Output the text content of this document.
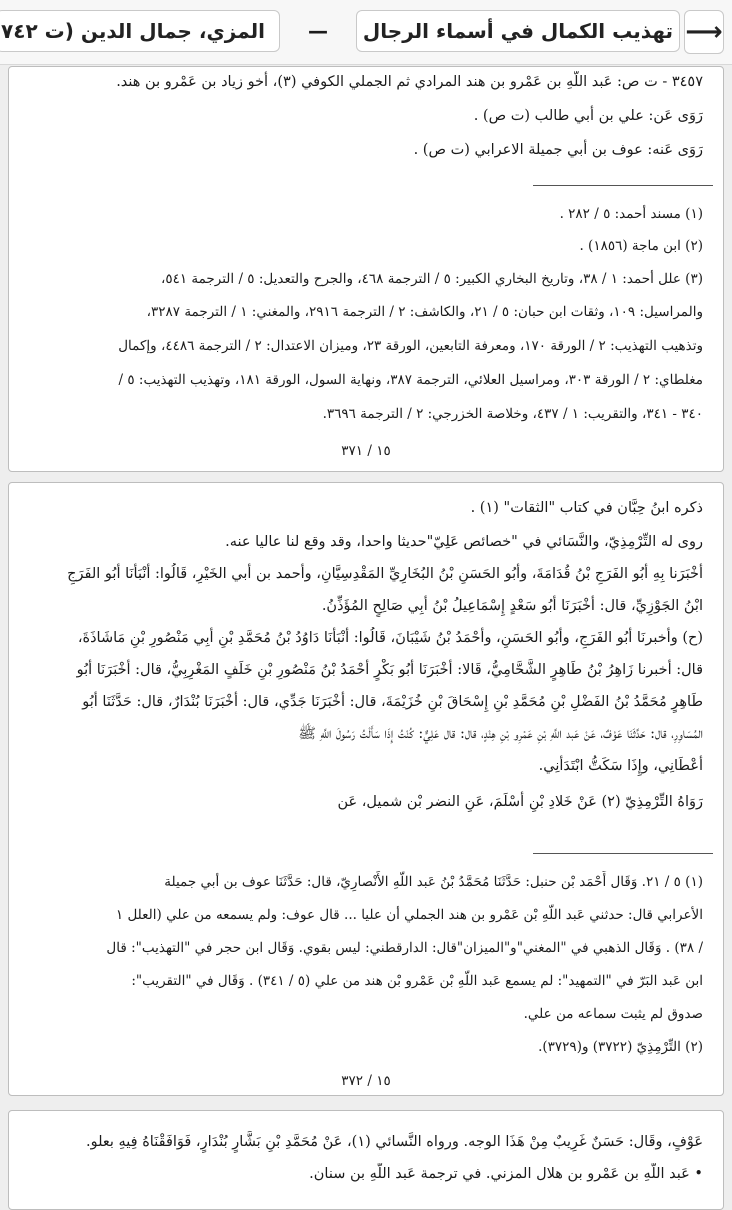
⟶
تهذيب الكمال في أسماء الرجال
—
المزي، جمال الدين (ت ٧٤٢
٣٤٥٧ - ت ص: عَبد اللَّهِ بن عَمْرو بن هند المرادي ثم الجملي الكوفي (٣)، أخو زياد بن عَمْرو بن هند.
رَوَى عَن: علي بن أَبي طالب (ت ص) .
رَوَى عَنه: عوف بن أَبي جميلة الاعرابي (ت ص) .
(١) مسند أحمد: ٥ / ٢٨٢ .
(٢) ابن ماجة (١٨٥٦) .
(٣) علل أحمد: ١ / ٣٨، وتاريخ البخاري الكبير: ٥ / الترجمة ٤٦٨، والجرح والتعديل: ٥ / الترجمة ٥٤١،
والمراسيل: ١٠٩، وثقات ابن حبان: ٥ / ٢١، والكاشف: ٢ / الترجمة ٢٩١٦، والمغني: ١ / الترجمة ٣٢٨٧،
وتذهيب التهذيب: ٢ / الورقة ١٧٠، ومعرفة التابعين، الورقة ٢٣، وميزان الاعتدال: ٢ / الترجمة ٤٤٨٦، وإكمال
مغلطاي: ٢ / الورقة ٣٠٣، ومراسيل العلائي، الترجمة ٣٨٧، ونهاية السول، الورقة ١٨١، وتهذيب التهذيب: ٥ /
٣٤٠ - ٣٤١، والتقريب: ١ / ٤٣٧، وخلاصة الخزرجي: ٢ / الترجمة ٣٦٩٦.
١٥ / ٣٧١
ذكره ابنُ حِبَّان في كتاب "الثقات" (١) .
روى له التِّرْمِذِيّ، والنَّسَائي في "خصائص عَلِيّ"حديثا واحدا، وقد وقع لنا عاليا عنه.
أَخْبَرَنا بِهِ أَبُو الفَرَجِ بْنُ قُدَامَةَ، وأبُو الحَسَنِ بْنُ البُخَارِيِّ المَقْدِسِيَّانِ، وأحمد بن أبي الخَيْرِ، قَالُوا: أَنْبَأَنَا أَبُو الفَرَجِ
ابْنُ الجَوْزِيِّ، قال: أَخْبَرَنَا أَبُو سَعْدٍ إِسْمَاعِيلُ بْنُ أَبِي صَالِحٍ المُؤَذِّنُ.
(ح) وأَخبرنَا أَبُو الفَرَجِ، وأَبُو الحَسَنِ، وأَحْمَدُ بْنُ شَيْبَانَ، قَالُوا: أَنْبَأَنَا دَاوُدُ بْنُ مُحَمَّدِ بْنِ أَبِي مَنْصُورِ بْنِ مَاشَاذَةَ،
قال: أخبرنا زَاهِرُ بْنُ طَاهِرٍ الشَّحَّامِيُّ، قَالا: أَخْبَرَنَا أَبُو بَكْرٍ أَحْمَدُ بْنُ مَنْصُورِ بْنِ خَلَفٍ المَغْرِبِيُّ، قال: أَخْبَرَنَا أَبُو
طَاهِرٍ مُحَمَّدُ بْنُ الفَضْلِ بْنِ مُحَمَّدِ بْنِ إِسْحَاقَ بْنِ خُزَيْمَةَ، قال: أَخْبَرَنَا جَدِّي، قال: أَخْبَرَنَا بُنْدَارٌ، قال: حَدَّثَنَا أَبُو
المُسَاوِرِ، قال: حَدَّثَنَا عَوْفٌ، عَنْ عَبد اللَّهِ بْنِ عَمْرِو بْنِ هِنْدٍ، قال: قال عَلِيٌّ: كُنْتُ إِذَا سَأَلْتُ رَسُولَ اللَّهِ ﷺ
أَعْطَانِي، وإِذَا سَكَتُّ ابْتَدَأَنِي.
رَوَاهُ التِّرْمِذِيّ (٢) عَنْ خَلادِ بْنِ أَسْلَمَ، عَنِ النضر بْن شميل، عَن
(١) ٥ / ٢١. وَقَال أَحْمَد بْن حنبل: حَدَّثَنَا مُحَمَّدُ بْنُ عَبد اللَّهِ الأَنْصارِيّ، قال: حَدَّثَنَا عوف بن أبي جميلة
الأعرابي قال: حدثني عَبد اللَّهِ بْن عَمْرو بن هند الجملي أن عليا ... قال عوف: ولم يسمعه من علي (العلل ١
/ ٣٨) . وَقَال الذهبي في "المغني"و"الميزان"قال: الدارقطني: ليس بقوي. وَقَال ابن حجر في "التهذيب": قال
ابن عَبد البَرّ في "التمهيد": لم يسمع عَبد اللَّهِ بْن عَمْرو بْن هند من علي (٥ / ٣٤١) . وَقَال في "التقريب":
صدوق لم يثبت سماعه من علي.
(٢) التِّرْمِذِيّ (٣٧٢٢) و(٣٧٢٩).
١٥ / ٣٧٢
عَوْفٍ، وقَال: حَسَنٌ غَرِيبٌ مِنْ هَذَا الوجه. ورواه النَّسائي (١)، عَنْ مُحَمَّدِ بْنِ بَشَّارٍ بُنْدَارٍ، فَوَافَقْنَاهُ فِيهِ بعلو.
• عَبد اللَّهِ بن عَمْرو بن هلال المزني. في ترجمة عَبد اللَّهِ بن سنان.
